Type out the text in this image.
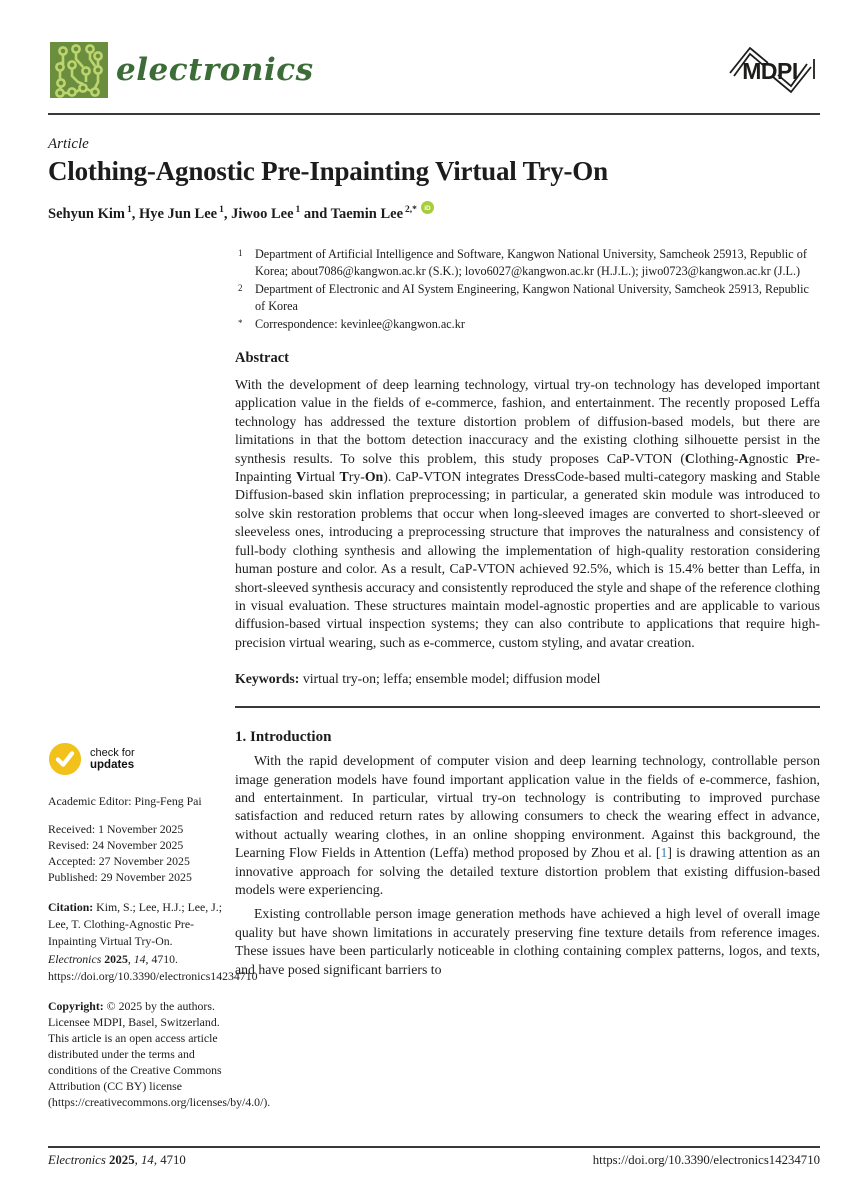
electronics	MDPI
Article
Clothing-Agnostic Pre-Inpainting Virtual Try-On
Sehyun Kim $^1$, Hye Jun Lee $^1$, Jiwoo Lee $^1$ and Taemin Lee $^{2,*}$ iD
1 Department of Artificial Intelligence and Software, Kangwon National University, Samcheok 25913, Republic of Korea; about7086@kangwon.ac.kr (S.K.); lovo6027@kangwon.ac.kr (H.J.L.); jiwo0723@kangwon.ac.kr (J.L.)
2 Department of Electronic and AI System Engineering, Kangwon National University, Samcheok 25913, Republic of Korea
* Correspondence: kevinlee@kangwon.ac.kr
Abstract

With the development of deep learning technology, virtual try-on technology has developed important application value in the fields of e-commerce, fashion, and entertainment. The recently proposed Leffa technology has addressed the texture distortion problem of diffusion-based models, but there are limitations in that the bottom detection inaccuracy and the existing clothing silhouette persist in the synthesis results. To solve this problem, this study proposes CaP-VTON (Clothing-Agnostic Pre-Inpainting Virtual Try-On). CaP-VTON integrates DressCode-based multi-category masking and Stable Diffusion-based skin inflation preprocessing; in particular, a generated skin module was introduced to solve skin restoration problems that occur when long-sleeved images are converted to short-sleeved or sleeveless ones, introducing a preprocessing structure that improves the naturalness and consistency of full-body clothing synthesis and allowing the implementation of high-quality restoration considering human posture and color. As a result, CaP-VTON achieved 92.5%, which is 15.4% better than Leffa, in short-sleeved synthesis accuracy and consistently reproduced the style and shape of the reference clothing in visual evaluation. These structures maintain model-agnostic properties and are applicable to various diffusion-based virtual inspection systems; they can also contribute to applications that require high-precision virtual wearing, such as e-commerce, custom styling, and avatar creation.

Keywords: virtual try-on; leffa; ensemble model; diffusion model

1. Introduction

With the rapid development of computer vision and deep learning technology, controllable person image generation models have found important application value in the fields of e-commerce, fashion, and entertainment. In particular, virtual try-on technology is contributing to improved purchase satisfaction and reduced return rates by allowing consumers to check the wearing effect in advance, without actually wearing clothes, in an online shopping environment. Against this background, the Learning Flow Fields in Attention (Leffa) method proposed by Zhou et al. [1] is drawing attention as an innovative approach for solving the detailed texture distortion problem that existing diffusion-based models were experiencing.

Existing controllable person image generation methods have achieved a high level of overall image quality but have shown limitations in accurately preserving fine texture details from reference images. These issues have been particularly noticeable in clothing containing complex patterns, logos, and texts, and have posed significant barriers to

check for
updates
Academic Editor: Ping-Feng Pai
Received: 1 November 2025
Revised: 24 November 2025
Accepted: 27 November 2025
Published: 29 November 2025
Citation: Kim, S.; Lee, H.J.; Lee, J.; Lee, T. Clothing-Agnostic Pre-Inpainting Virtual Try-On. Electronics 2025, 14, 4710. https://doi.org/10.3390/electronics14234710
Copyright: © 2025 by the authors. Licensee MDPI, Basel, Switzerland. This article is an open access article distributed under the terms and conditions of the Creative Commons Attribution (CC BY) license (https://creativecommons.org/licenses/by/4.0/).
Electronics 2025, 14, 4710	https://doi.org/10.3390/electronics14234710
